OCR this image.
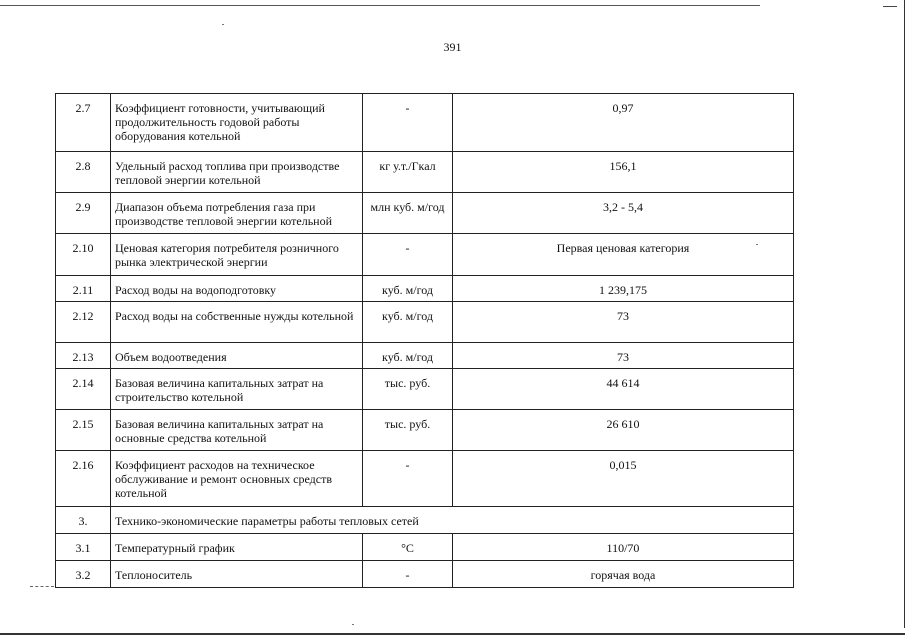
391
2.7	Коэффициент готовности, учитывающий продолжительность годовой работы оборудования котельной	-	0,97
2.8	Удельный расход топлива при производстве тепловой энергии котельной	кг у.т./Гкал	156,1
2.9	Диапазон объема потребления газа при производстве тепловой энергии котельной	млн куб. м/год	3,2 - 5,4
2.10	Ценовая категория потребителя розничного рынка электрической энергии	-	Первая ценовая категория
2.11	Расход воды на водоподготовку	куб. м/год	1 239,175
2.12	Расход воды на собственные нужды котельной	куб. м/год	73
2.13	Объем водоотведения	куб. м/год	73
2.14	Базовая величина капитальных затрат на строительство котельной	тыс. руб.	44 614
2.15	Базовая величина капитальных затрат на основные средства котельной	тыс. руб.	26 610
2.16	Коэффициент расходов на техническое обслуживание и ремонт основных средств котельной	-	0,015
3.	Технико-экономические параметры работы тепловых сетей		
3.1	Температурный график	°С	110/70
3.2	Теплоноситель	-	горячая вода
